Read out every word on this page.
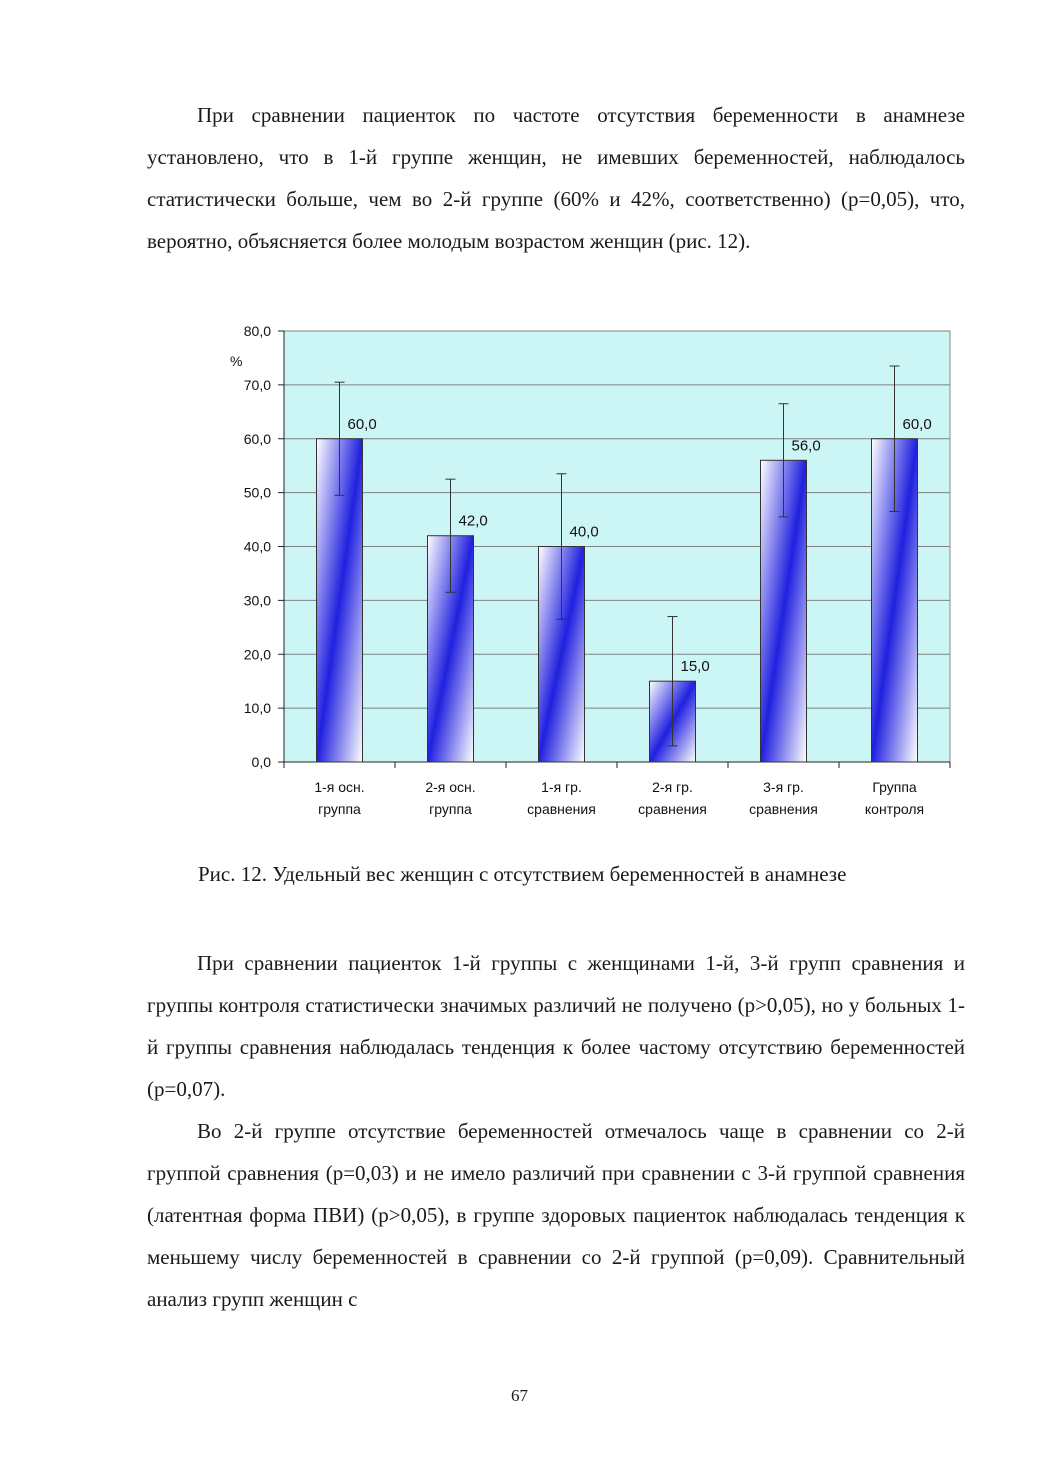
При сравнении пациенток по частоте отсутствия беременности в анамнезе установлено, что в 1-й группе женщин, не имевших беременностей, наблюдалось статистически больше, чем во 2-й группе (60% и 42%, соответственно) (р=0,05), что, вероятно, объясняется более молодым возрастом женщин (рис. 12).

0,0
10,0
20,0
30,0
40,0
50,0
60,0
70,0
80,0
%
60,0
1-я осн. группа
42,0
2-я осн. группа
40,0
1-я гр. сравнения
15,0
2-я гр. сравнения
56,0
3-я гр. сравнения
60,0
Группа контроля
Рис. 12. Удельный вес женщин с отсутствием беременностей в анамнезе

При сравнении пациенток 1-й группы с женщинами 1-й, 3-й групп сравнения и группы контроля статистически значимых различий не получено (р>0,05), но у больных 1-й группы сравнения наблюдалась тенденция к более частому отсутствию беременностей (р=0,07).

Во 2-й группе отсутствие беременностей отмечалось чаще в сравнении со 2-й группой сравнения (р=0,03) и не имело различий при сравнении с 3-й группой сравнения (латентная форма ПВИ) (р>0,05), в группе здоровых пациенток наблюдалась тенденция к меньшему числу беременностей в сравнении со 2-й группой (р=0,09). Сравнительный анализ групп женщин с

67
